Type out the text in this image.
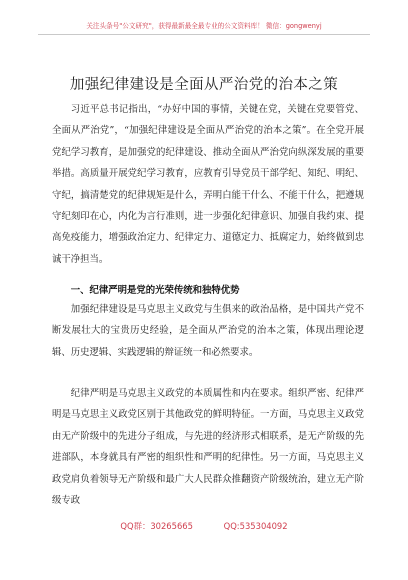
关注头条号"公文研究"，获得最新最全最专业的公文资料库！ 微信：gongwenyj
加强纪律建设是全面从严治党的治本之策

习近平总书记指出，“办好中国的事情，关键在党，关键在党要管党、全面从严治党”，“加强纪律建设是全面从严治党的治本之策”。在全党开展党纪学习教育，是加强党的纪律建设、推动全面从严治党向纵深发展的重要举措。高质量开展党纪学习教育，应教育引导党员干部学纪、知纪、明纪、守纪，搞清楚党的纪律规矩是什么，弄明白能干什么、不能干什么，把遵规守纪刻印在心，内化为言行准则，进一步强化纪律意识、加强自我约束、提高免疫能力，增强政治定力、纪律定力、道德定力、抵腐定力，始终做到忠诚干净担当。

一、纪律严明是党的光荣传统和独特优势

加强纪律建设是马克思主义政党与生俱来的政治品格，是中国共产党不断发展壮大的宝贵历史经验，是全面从严治党的治本之策，体现出理论逻辑、历史逻辑、实践逻辑的辩证统一和必然要求。

纪律严明是马克思主义政党的本质属性和内在要求。组织严密、纪律严明是马克思主义政党区别于其他政党的鲜明特征。一方面，马克思主义政党由无产阶级中的先进分子组成，与先进的经济形式相联系，是无产阶级的先进部队，本身就具有严密的组织性和严明的纪律性。另一方面，马克思主义政党肩负着领导无产阶级和最广大人民群众推翻资产阶级统治，建立无产阶级专政

QQ群：30265665	QQ:535304092
